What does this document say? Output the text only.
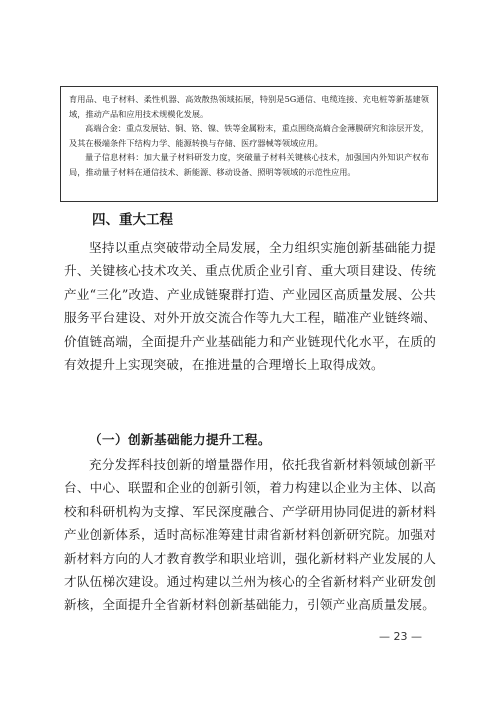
育用品、电子材料、柔性机器、高效散热领域拓展，特别是5G通信、电缆连接、充电桩等新基建领域，推动产品和应用技术规模化发展。

高端合金：重点发展钴、铜、铬、镍、铁等金属粉末，重点围绕高熵合金薄膜研究和涂层开发，及其在极端条件下结构力学、能源转换与存储、医疗器械等领域应用。

量子信息材料：加大量子材料研发力度，突破量子材料关键核心技术，加强国内外知识产权布局，推动量子材料在通信技术、新能源、移动设备、照明等领域的示范性应用。

四、重大工程

坚持以重点突破带动全局发展，全力组织实施创新基础能力提升、关键核心技术攻关、重点优质企业引育、重大项目建设、传统产业“三化”改造、产业成链聚群打造、产业园区高质量发展、公共服务平台建设、对外开放交流合作等九大工程，瞄准产业链终端、价值链高端，全面提升产业基础能力和产业链现代化水平，在质的有效提升上实现突破，在推进量的合理增长上取得成效。

（一）创新基础能力提升工程。

充分发挥科技创新的增量器作用，依托我省新材料领域创新平台、中心、联盟和企业的创新引领，着力构建以企业为主体、以高校和科研机构为支撑、军民深度融合、产学研用协同促进的新材料产业创新体系，适时高标准筹建甘肃省新材料创新研究院。加强对新材料方向的人才教育教学和职业培训，强化新材料产业发展的人才队伍梯次建设。通过构建以兰州为核心的全省新材料产业研发创新核，全面提升全省新材料创新基础能力，引领产业高质量发展。

— 23 —
